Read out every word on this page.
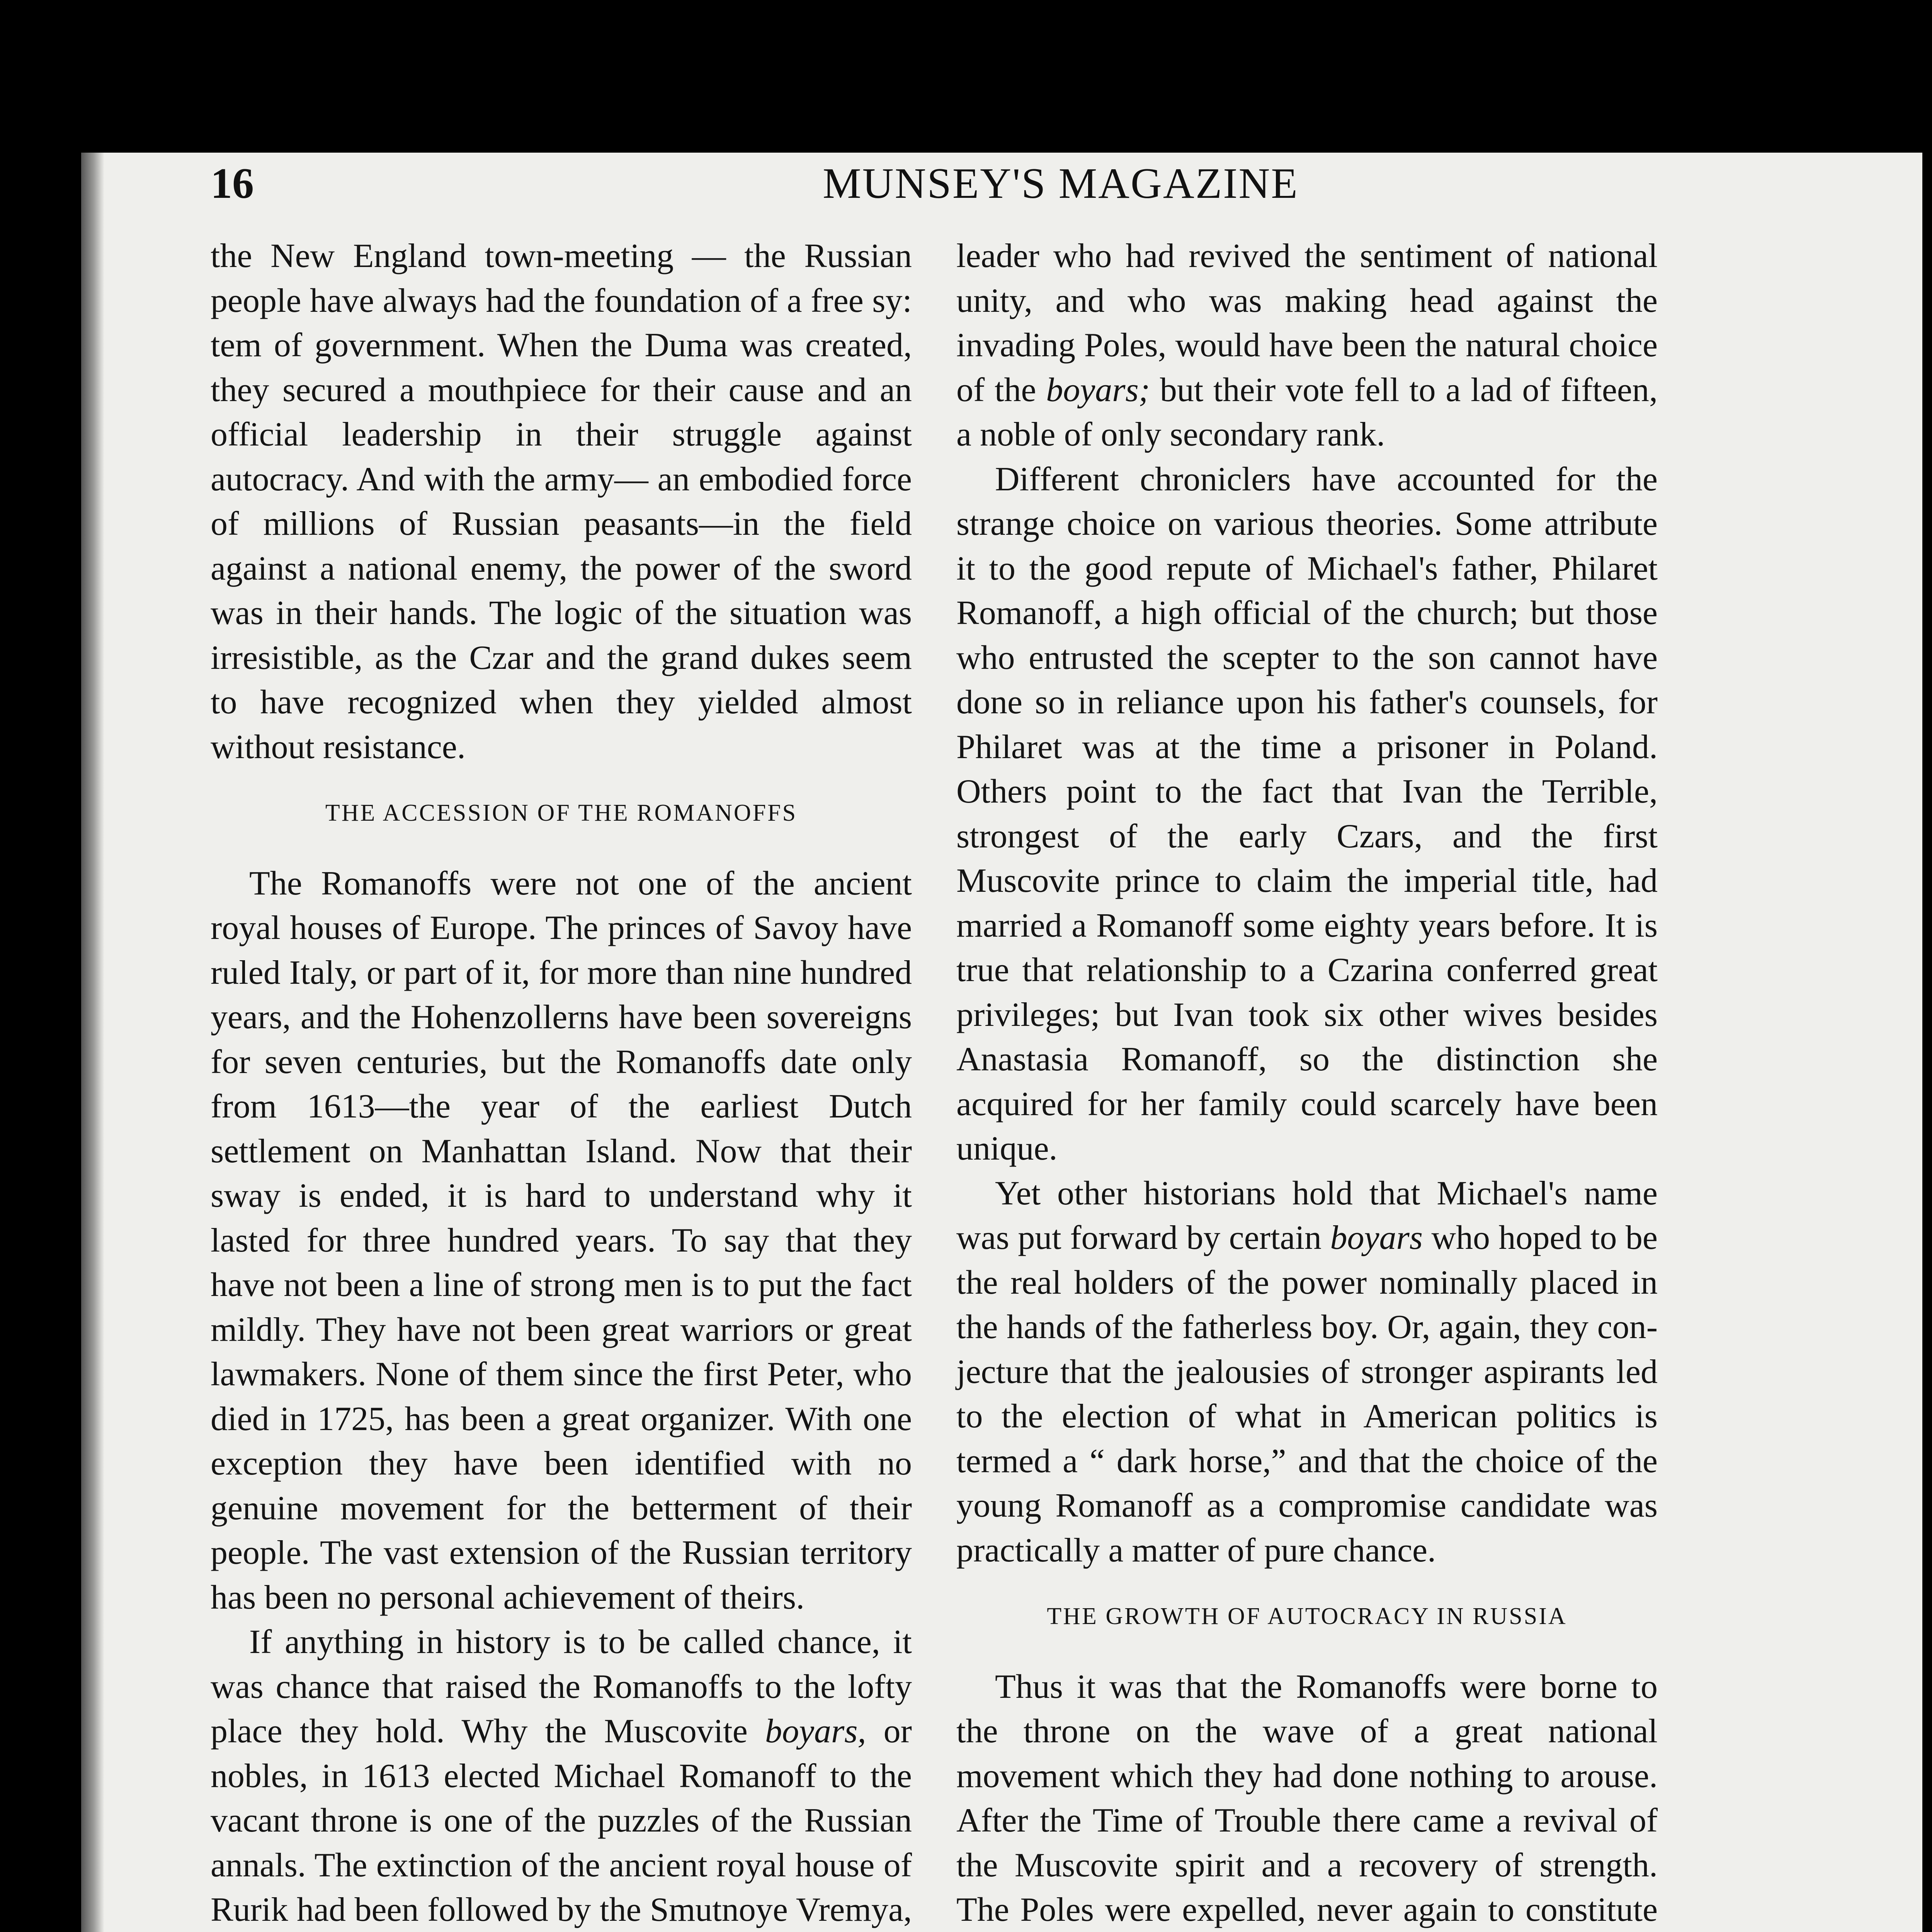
16	MUNSEY'S MAGAZINE

the New England town-meeting — the Russian people have always had the foundation of a free sy: tem of government. When the Duma was created, they secured a mouthpiece for their cause and an official leadership in their struggle against autocracy. And with the army— an embodied force of millions of Russian peasants—in the field against a national enemy, the power of the sword was in their hands. The logic of the situation was irresistible, as the Czar and the grand dukes seem to have recognized when they yielded almost without resistance.

THE ACCESSION OF THE ROMANOFFS

The Romanoffs were not one of the ancient royal houses of Europe. The princes of Savoy have ruled Italy, or part of it, for more than nine hundred years, and the Hohenzollerns have been sovereigns for seven centuries, but the Romanoffs date only from 1613—the year of the earliest Dutch settlement on Manhattan Island. Now that their sway is ended, it is hard to understand why it lasted for three hundred years. To say that they have not been a line of strong men is to put the fact mildly. They have not been great warriors or great lawmakers. None of them since the first Peter, who died in 1725, has been a great organizer. With one exception they have been identified with no genuine movement for the betterment of their people. The vast extension of the Russian territory has been no personal achievement of theirs.

If anything in history is to be called chance, it was chance that raised the Romanoffs to the lofty place they hold. Why the Muscovite boyars, or nobles, in 1613 elected Michael Romanoff to the vacant throne is one of the puzzles of the Russian annals. The extinction of the ancient royal house of Rurik had been followed by the Smutnoye Vremya,

leader who had revived the sentiment of national unity, and who was making head against the invading Poles, would have been the natural choice of the boyars; but their vote fell to a lad of fifteen, a noble of only secondary rank.

Different chroniclers have accounted for the strange choice on various theories. Some attribute it to the good repute of Michael's father, Philaret Romanoff, a high official of the church; but those who entrusted the scepter to the son cannot have done so in reliance upon his father's counsels, for Philaret was at the time a prisoner in Poland. Others point to the fact that Ivan the Terrible, strongest of the early Czars, and the first Muscovite prince to claim the imperial title, had married a Romanoff some eighty years before. It is true that relationship to a Czarina conferred great privileges; but Ivan took six other wives besides Anastasia Romanoff, so the distinction she acquired for her family could scarcely have been unique.

Yet other historians hold that Michael's name was put forward by certain boyars who hoped to be the real holders of the power nominally placed in the hands of the fatherless boy. Or, again, they conjecture that the jealousies of stronger aspirants led to the election of what in American politics is termed a “ dark horse,” and that the choice of the young Romanoff as a compromise candidate was practically a matter of pure chance.

THE GROWTH OF AUTOCRACY IN RUSSIA

Thus it was that the Romanoffs were borne to the throne on the wave of a great national movement which they had done nothing to arouse. After the Time of Trouble there came a revival of the Muscovite spirit and a recovery of strength. The Poles were expelled, never again to constitute
